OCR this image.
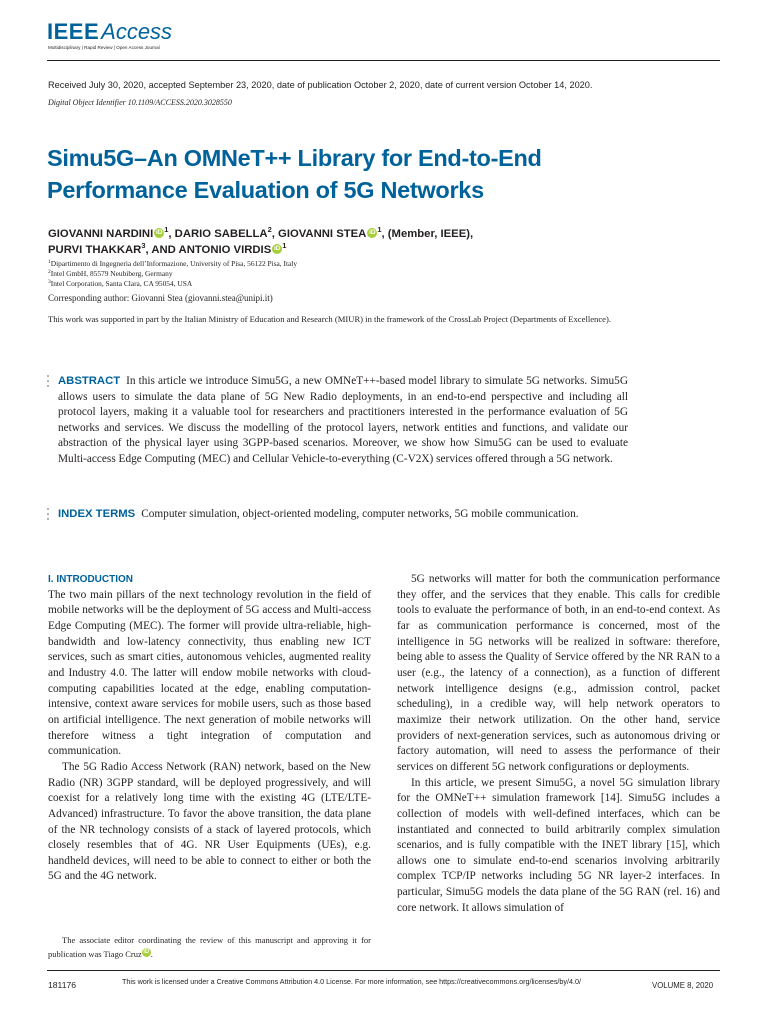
IEEEAccess
Multidisciplinary | Rapid Review | Open Access Journal
Received July 30, 2020, accepted September 23, 2020, date of publication October 2, 2020, date of current version October 14, 2020.
Digital Object Identifier 10.1109/ACCESS.2020.3028550
Simu5G–An OMNeT++ Library for End-to-End
Performance Evaluation of 5G Networks
GIOVANNI NARDINI iD $^1$, DARIO SABELLA$^2$, GIOVANNI STEA iD $^1$, (Member, IEEE),
PURVI THAKKAR$^3$, AND ANTONIO VIRDIS iD $^1$
$^1$Dipartimento di Ingegneria dell’Informazione, University of Pisa, 56122 Pisa, Italy
$^2$Intel GmbH, 85579 Neubiberg, Germany
$^3$Intel Corporation, Santa Clara, CA 95054, USA
Corresponding author: Giovanni Stea (giovanni.stea@unipi.it)
This work was supported in part by the Italian Ministry of Education and Research (MIUR) in the framework of the CrossLab Project (Departments of Excellence).
ABSTRACT In this article we introduce Simu5G, a new OMNeT++-based model library to simulate 5G networks. Simu5G allows users to simulate the data plane of 5G New Radio deployments, in an end-to-end perspective and including all protocol layers, making it a valuable tool for researchers and practitioners interested in the performance evaluation of 5G networks and services. We discuss the modelling of the protocol layers, network entities and functions, and validate our abstraction of the physical layer using 3GPP-based scenarios. Moreover, we show how Simu5G can be used to evaluate Multi-access Edge Computing (MEC) and Cellular Vehicle-to-everything (C-V2X) services offered through a 5G network.
INDEX TERMS Computer simulation, object-oriented modeling, computer networks, 5G mobile communication.
I. INTRODUCTION

The two main pillars of the next technology revolution in the field of mobile networks will be the deployment of 5G access and Multi-access Edge Computing (MEC). The former will provide ultra-reliable, high-bandwidth and low-latency connectivity, thus enabling new ICT services, such as smart cities, autonomous vehicles, augmented reality and Industry 4.0. The latter will endow mobile networks with cloud-computing capabilities located at the edge, enabling computation-intensive, context aware services for mobile users, such as those based on artificial intelligence. The next generation of mobile networks will therefore witness a tight integration of computation and communication.

The 5G Radio Access Network (RAN) network, based on the New Radio (NR) 3GPP standard, will be deployed progressively, and will coexist for a relatively long time with the existing 4G (LTE/LTE-Advanced) infrastructure. To favor the above transition, the data plane of the NR technology consists of a stack of layered protocols, which closely resembles that of 4G. NR User Equipments (UEs), e.g. handheld devices, will need to be able to connect to either or both the 5G and the 4G network.

The associate editor coordinating the review of this manuscript and approving it for publication was Tiago Cruz iD .

5G networks will matter for both the communication performance they offer, and the services that they enable. This calls for credible tools to evaluate the performance of both, in an end-to-end context. As far as communication performance is concerned, most of the intelligence in 5G networks will be realized in software: therefore, being able to assess the Quality of Service offered by the NR RAN to a user (e.g., the latency of a connection), as a function of different network intelligence designs (e.g., admission control, packet scheduling), in a credible way, will help network operators to maximize their network utilization. On the other hand, service providers of next-generation services, such as autonomous driving or factory automation, will need to assess the performance of their services on different 5G network configurations or deployments.

In this article, we present Simu5G, a novel 5G simulation library for the OMNeT++ simulation framework [14]. Simu5G includes a collection of models with well-defined interfaces, which can be instantiated and connected to build arbitrarily complex simulation scenarios, and is fully compatible with the INET library [15], which allows one to simulate end-to-end scenarios involving arbitrarily complex TCP/IP networks including 5G NR layer-2 interfaces. In particular, Simu5G models the data plane of the 5G RAN (rel. 16) and core network. It allows simulation of

181176	This work is licensed under a Creative Commons Attribution 4.0 License. For more information, see https://creativecommons.org/licenses/by/4.0/	VOLUME 8, 2020
